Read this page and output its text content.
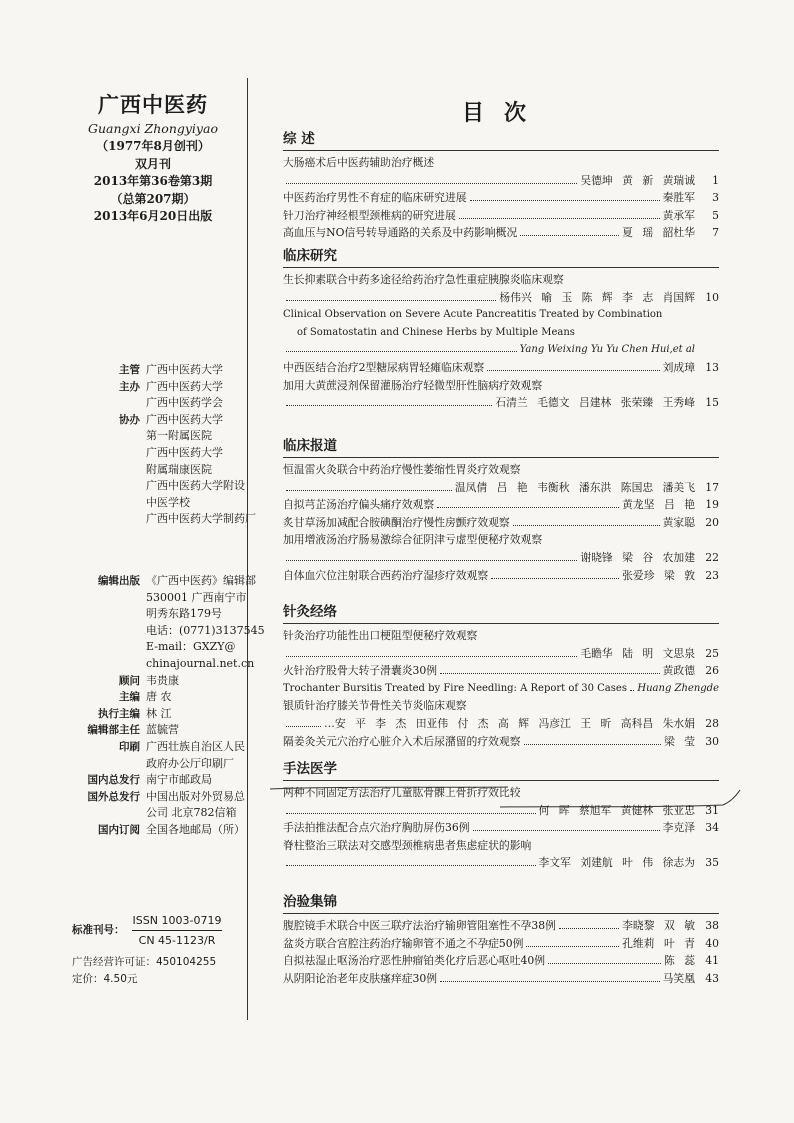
广西中医药
Guangxi Zhongyiyao
（1977年8月创刊）
双月刊
2013年第36卷第3期
（总第207期）
2013年6月20日出版
主管 广西中医药大学
主办 广西中医药大学
广西中医药学会
协办 广西中医药大学
第一附属医院
广西中医药大学
附属瑞康医院
广西中医药大学附设
中医学校
广西中医药大学制药厂
编辑出版 《广西中医药》编辑部
530001 广西南宁市
明秀东路179号
电话：(0771)3137545
E-mail：GXZY@
chinajournal.net.cn
顾问 韦贵康
主编 唐 农
执行主编 林 江
编辑部主任 蓝毓营
印刷 广西壮族自治区人民
政府办公厅印刷厂
国内总发行 南宁市邮政局
国外总发行 中国出版对外贸易总
公司 北京782信箱
国内订阅 全国各地邮局（所）
标准刊号：
ISSN 1003-0719
CN 45-1123/R
广告经营许可证：450104255
定价：4.50元
目次
综 述
大肠癌术后中医药辅助治疗概述
吴德坤 黄 新 黄瑞诚	1
中医药治疗男性不育症的临床研究进展	秦胜军	3
针刀治疗神经根型颈椎病的研究进展	黄承军	5
高血压与NO信号转导通路的关系及中药影响概况	夏 瑶 韶杜华	7
临床研究
生长抑素联合中药多途径给药治疗急性重症胰腺炎临床观察
杨伟兴 喻 玉 陈 辉 李 志 肖国辉 10
Clinical Observation on Severe Acute Pancreatitis Treated by Combination
of Somatostatin and Chinese Herbs by Multiple Means
Yang Weixing Yu Yu Chen Hui,et al
中西医结合治疗2型糖尿病胃轻瘫临床观察	刘成璋 13
加用大黄蔗浸剂保留灌肠治疗轻微型肝性脑病疗效观察
石清兰 毛德文 吕建林 张荣臻 王秀峰 15
临床报道
恒温雷火灸联合中药治疗慢性萎缩性胃炎疗效观察
温凤倩 吕 艳 韦衡秋 潘东洪 陈国忠 潘美飞 17
自拟芎芷汤治疗偏头痛疗效观察	黄龙坚 吕 艳 19
炙甘草汤加减配合胺碘酮治疗慢性房颤疗效观察	黄家聪 20
加用增液汤治疗肠易激综合征阴津亏虚型便秘疗效观察
谢晓锋 梁 谷 农加建 22
自体血穴位注射联合西药治疗湿疹疗效观察	张爱珍 梁 敦 23
针灸经络
针灸治疗功能性出口梗阻型便秘疗效观察
毛瞻华 陆 明 文思泉 25
火针治疗股骨大转子滑囊炎30例	黄政德 26
Trochanter Bursitis Treated by Fire Needling: A Report of 30 Cases Huang Zhengde
银质针治疗膝关节骨性关节炎临床观察
…安 平 李 杰 田亚伟 付 杰 高 辉 冯彦江 王 昕 高科昌 朱水娟 28
隔姜灸关元穴治疗心脏介入术后尿潴留的疗效观察	梁 莹 30
手法医学
两种不同固定方法治疗儿童肱骨髁上骨折疗效比较
何 晖 蔡旭军 黄健林 张亚忠 31
手法拍推法配合点穴治疗胸肋屏伤36例	李克泽 34
脊柱整治三联法对交感型颈椎病患者焦虑症状的影响
李文军 刘建航 叶 伟 徐志为 35
治验集锦
腹腔镜手术联合中医三联疗法治疗输卵管阻塞性不孕38例	李晓黎 双 敏 38
盆炎方联合宫腔注药治疗输卵管不通之不孕症50例	孔维莉 叶 青 40
自拟祛湿止呕汤治疗恶性肿瘤铂类化疗后恶心呕吐40例	陈 蕊 41
从阴阳论治老年皮肤瘙痒症30例	马笑凰 43
